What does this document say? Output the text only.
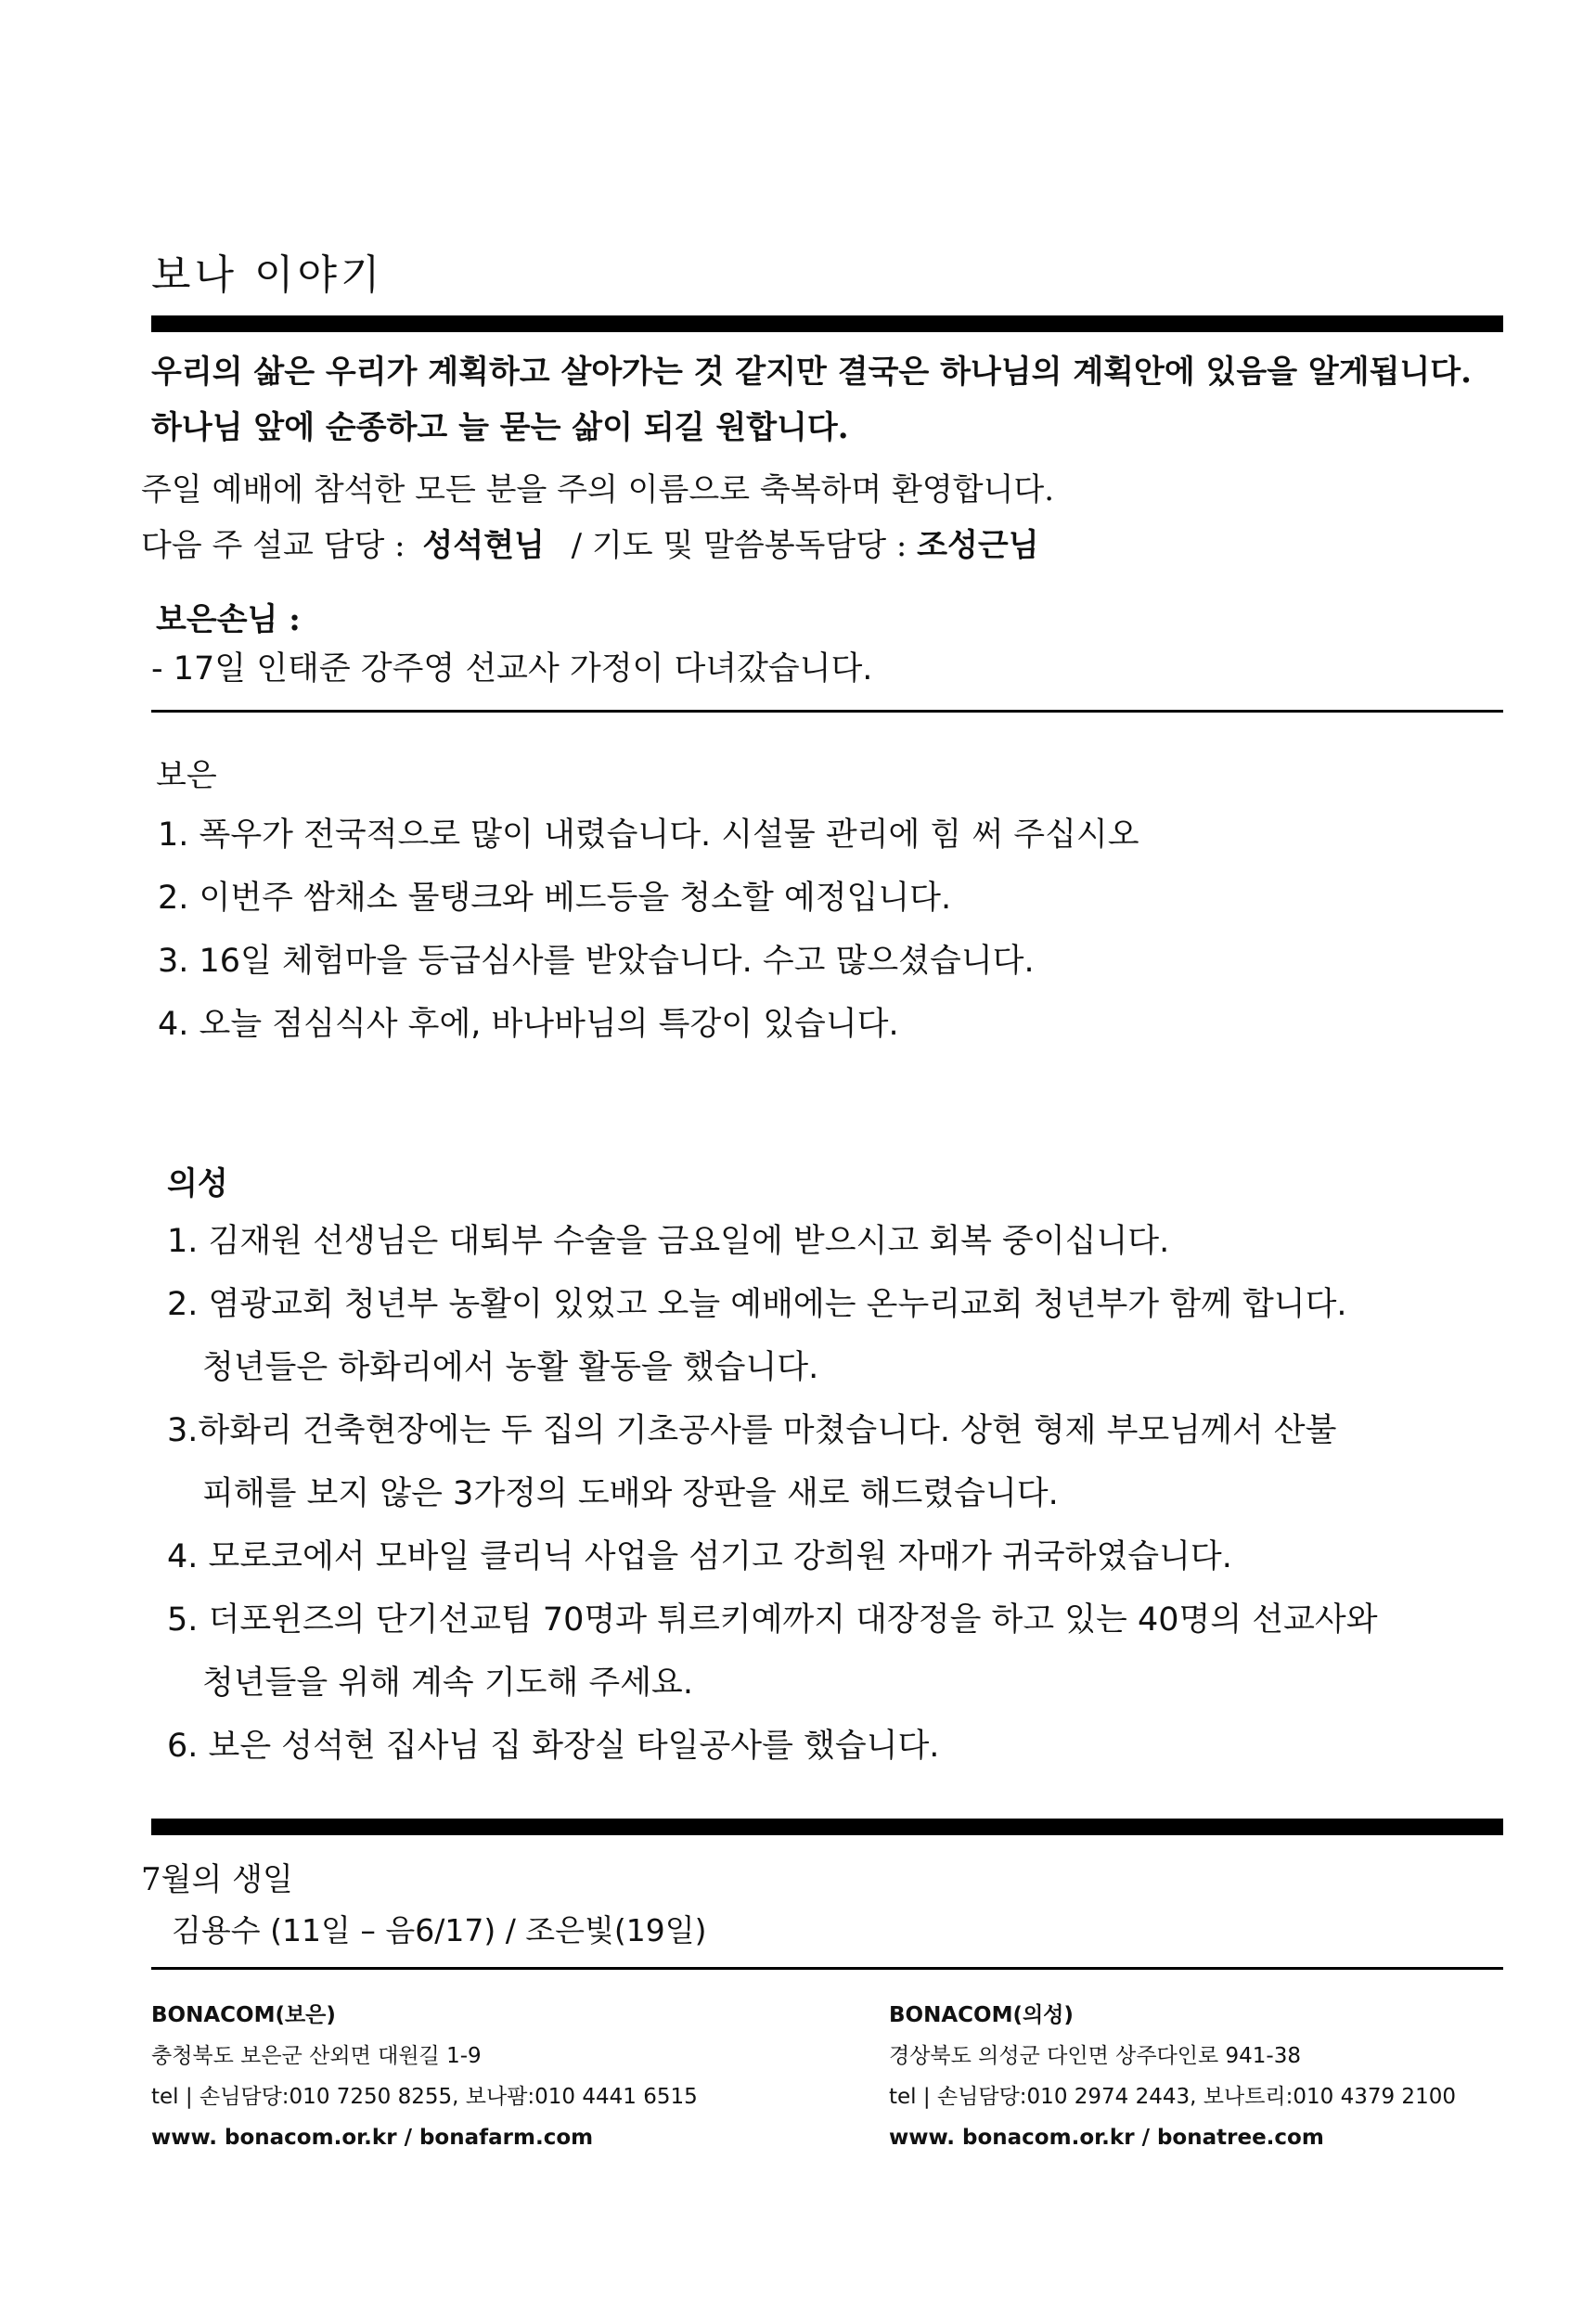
보나 이야기
우리의 삶은 우리가 계획하고 살아가는 것 같지만 결국은 하나님의 계획안에 있음을 알게됩니다.
하나님 앞에 순종하고 늘 묻는 삶이 되길 원합니다.
주일 예배에 참석한 모든 분을 주의 이름으로 축복하며 환영합니다.
다음 주 설교 담당 : 성석현님 / 기도 및 말씀봉독담당 : 조성근님
보은손님 :
- 17일 인태준 강주영 선교사 가정이 다녀갔습니다.
보은
1. 폭우가 전국적으로 많이 내렸습니다. 시설물 관리에 힘 써 주십시오
2. 이번주 쌈채소 물탱크와 베드등을 청소할 예정입니다.
3. 16일 체험마을 등급심사를 받았습니다. 수고 많으셨습니다.
4. 오늘 점심식사 후에, 바나바님의 특강이 있습니다.
의성
1. 김재원 선생님은 대퇴부 수술을 금요일에 받으시고 회복 중이십니다.
2. 염광교회 청년부 농활이 있었고 오늘 예배에는 온누리교회 청년부가 함께 합니다.
청년들은 하화리에서 농활 활동을 했습니다.
3.하화리 건축현장에는 두 집의 기초공사를 마쳤습니다. 상현 형제 부모님께서 산불
피해를 보지 않은 3가정의 도배와 장판을 새로 해드렸습니다.
4. 모로코에서 모바일 클리닉 사업을 섬기고 강희원 자매가 귀국하였습니다.
5. 더포윈즈의 단기선교팀 70명과 튀르키예까지 대장정을 하고 있는 40명의 선교사와
청년들을 위해 계속 기도해 주세요.
6. 보은 성석현 집사님 집 화장실 타일공사를 했습니다.
7월의 생일
김용수 (11일 – 음6/17) / 조은빛(19일)
BONACOM(보은)
충청북도 보은군 산외면 대원길 1-9
tel | 손님담당:010 7250 8255, 보나팜:010 4441 6515
www. bonacom.or.kr / bonafarm.com
BONACOM(의성)
경상북도 의성군 다인면 상주다인로 941-38
tel | 손님담당:010 2974 2443, 보나트리:010 4379 2100
www. bonacom.or.kr / bonatree.com
